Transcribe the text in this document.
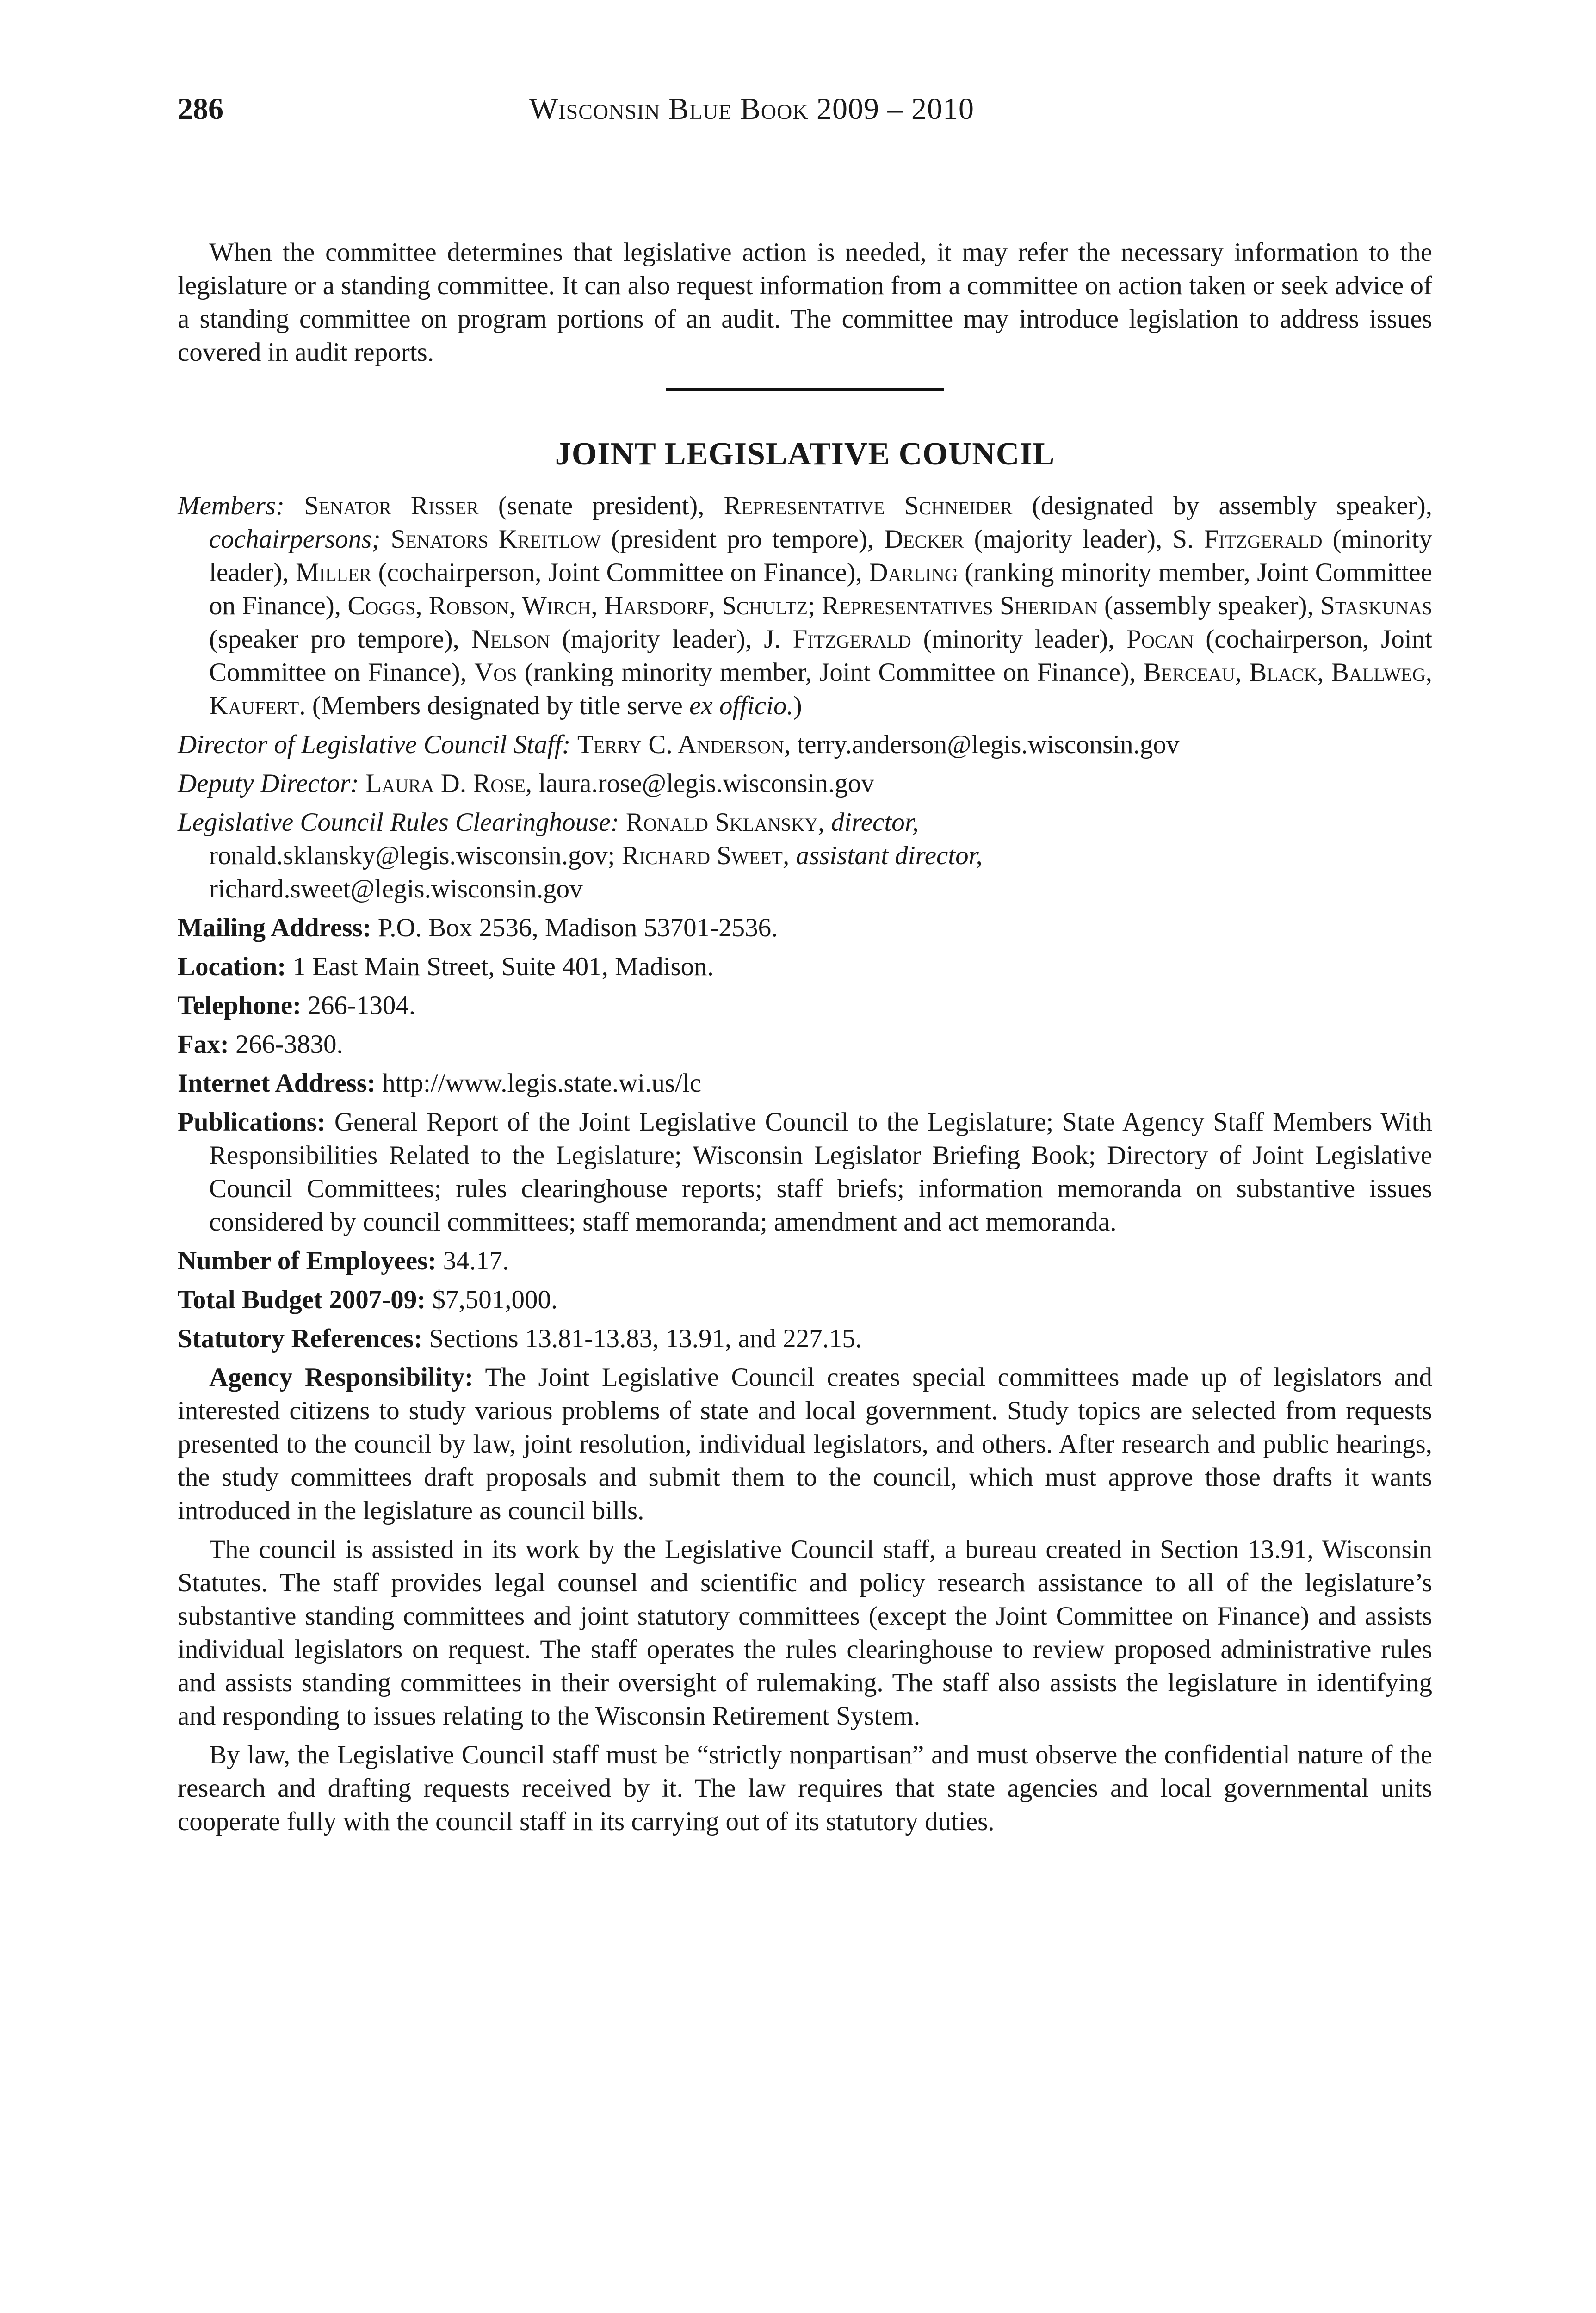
286	Wisconsin Blue Book 2009 – 2010

When the committee determines that legislative action is needed, it may refer the necessary information to the legislature or a standing committee. It can also request information from a committee on action taken or seek advice of a standing committee on program portions of an audit. The committee may introduce legislation to address issues covered in audit reports.

JOINT LEGISLATIVE COUNCIL

Members: Senator Risser (senate president), Representative Schneider (designated by assembly speaker), cochairpersons; Senators Kreitlow (president pro tempore), Decker (majority leader), S. Fitzgerald (minority leader), Miller (cochairperson, Joint Committee on Finance), Darling (ranking minority member, Joint Committee on Finance), Coggs, Robson, Wirch, Harsdorf, Schultz; Representatives Sheridan (assembly speaker), Staskunas (speaker pro tempore), Nelson (majority leader), J. Fitzgerald (minority leader), Pocan (cochairperson, Joint Committee on Finance), Vos (ranking minority member, Joint Committee on Finance), Berceau, Black, Ballweg, Kaufert. (Members designated by title serve ex officio.)

Director of Legislative Council Staff: Terry C. Anderson, terry.anderson@legis.wisconsin.gov

Deputy Director: Laura D. Rose, laura.rose@legis.wisconsin.gov

Legislative Council Rules Clearinghouse: Ronald Sklansky, director,
ronald.sklansky@legis.wisconsin.gov; Richard Sweet, assistant director,
richard.sweet@legis.wisconsin.gov

Mailing Address: P.O. Box 2536, Madison 53701-2536.

Location: 1 East Main Street, Suite 401, Madison.

Telephone: 266-1304.

Fax: 266-3830.

Internet Address: http://www.legis.state.wi.us/lc

Publications: General Report of the Joint Legislative Council to the Legislature; State Agency Staff Members With Responsibilities Related to the Legislature; Wisconsin Legislator Briefing Book; Directory of Joint Legislative Council Committees; rules clearinghouse reports; staff briefs; information memoranda on substantive issues considered by council committees; staff memoranda; amendment and act memoranda.

Number of Employees: 34.17.

Total Budget 2007-09: $7,501,000.

Statutory References: Sections 13.81-13.83, 13.91, and 227.15.

Agency Responsibility: The Joint Legislative Council creates special committees made up of legislators and interested citizens to study various problems of state and local government. Study topics are selected from requests presented to the council by law, joint resolution, individual legislators, and others. After research and public hearings, the study committees draft proposals and submit them to the council, which must approve those drafts it wants introduced in the legislature as council bills.

The council is assisted in its work by the Legislative Council staff, a bureau created in Section 13.91, Wisconsin Statutes. The staff provides legal counsel and scientific and policy research assistance to all of the legislature’s substantive standing committees and joint statutory committees (except the Joint Committee on Finance) and assists individual legislators on request. The staff operates the rules clearinghouse to review proposed administrative rules and assists standing committees in their oversight of rulemaking. The staff also assists the legislature in identifying and responding to issues relating to the Wisconsin Retirement System.

By law, the Legislative Council staff must be “strictly nonpartisan” and must observe the confidential nature of the research and drafting requests received by it. The law requires that state agencies and local governmental units cooperate fully with the council staff in its carrying out of its statutory duties.
